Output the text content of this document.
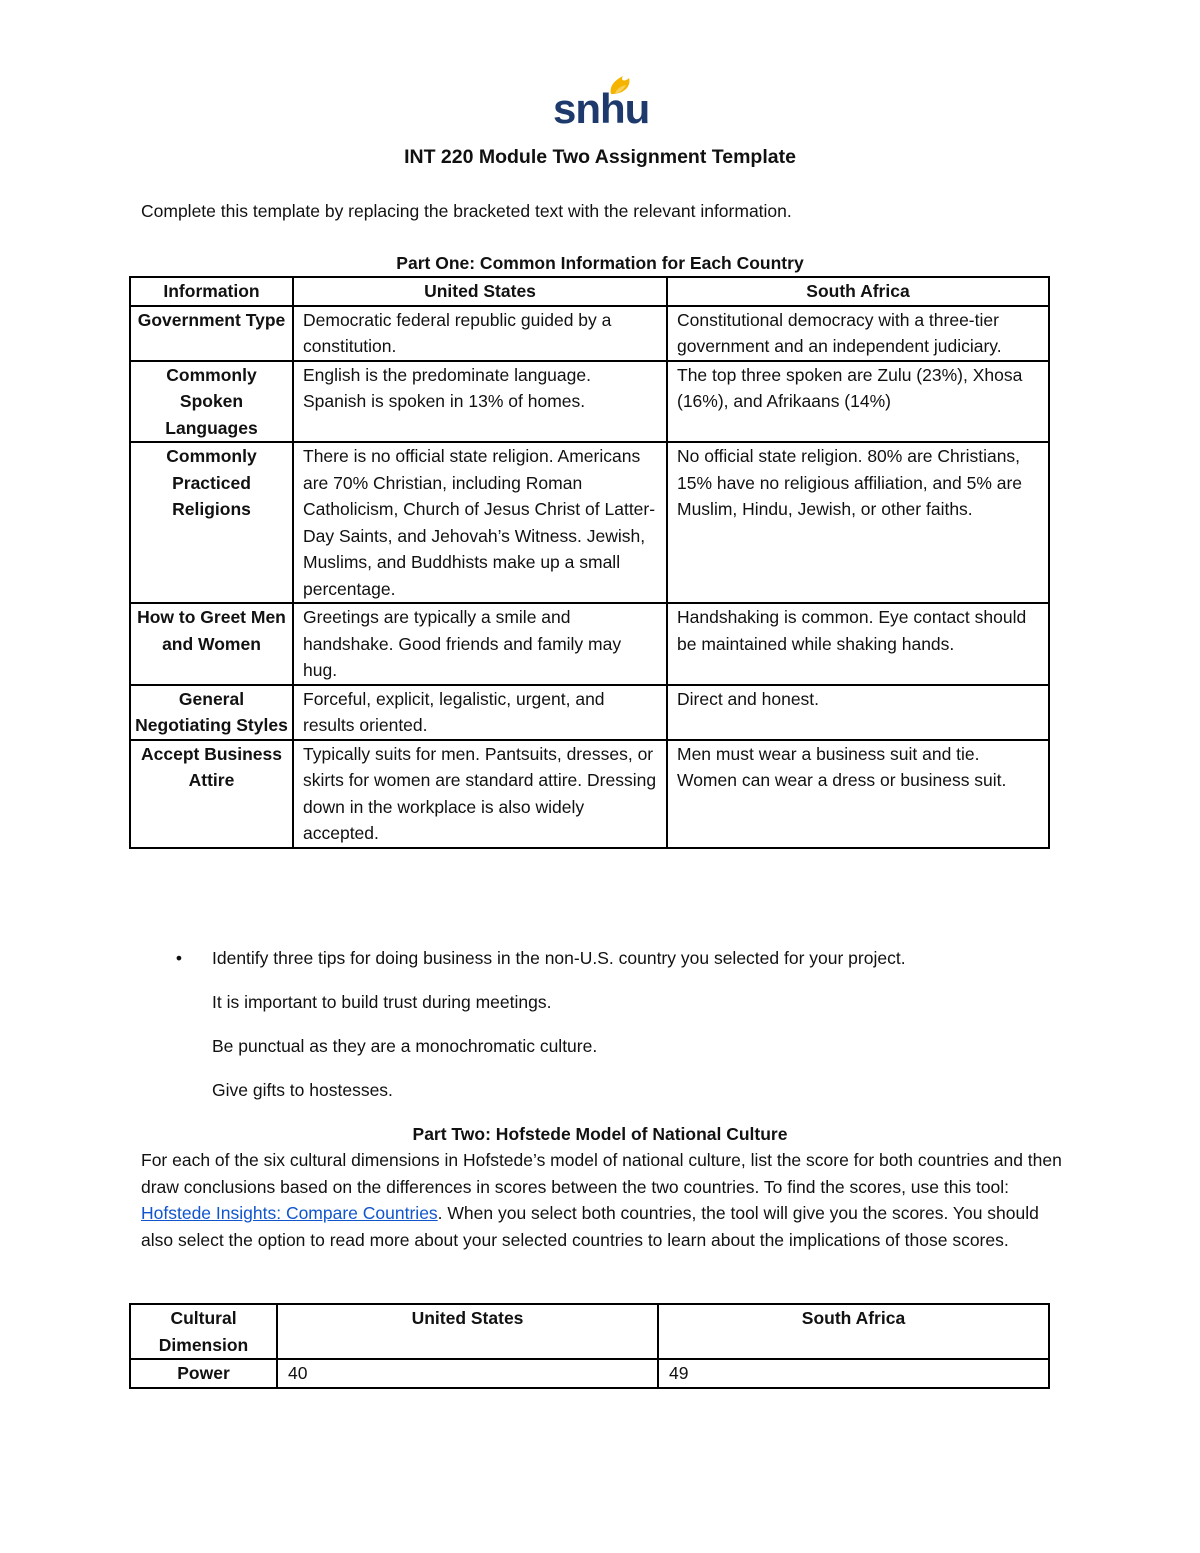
snhu
INT 220 Module Two Assignment Template
Complete this template by replacing the bracketed text with the relevant information.
Part One: Common Information for Each Country
Information	United States	South Africa
Government Type	Democratic federal republic guided by a constitution.	Constitutional democracy with a three-tier government and an independent judiciary.
Commonly Spoken Languages	English is the predominate language. Spanish is spoken in 13% of homes.	The top three spoken are Zulu (23%), Xhosa (16%), and Afrikaans (14%)
Commonly Practiced Religions	There is no official state religion. Americans are 70% Christian, including Roman Catholicism, Church of Jesus Christ of Latter-Day Saints, and Jehovah’s Witness. Jewish, Muslims, and Buddhists make up a small percentage.	No official state religion. 80% are Christians, 15% have no religious affiliation, and 5% are Muslim, Hindu, Jewish, or other faiths.
How to Greet Men and Women	Greetings are typically a smile and handshake. Good friends and family may hug.	Handshaking is common. Eye contact should be maintained while shaking hands.
General Negotiating Styles	Forceful, explicit, legalistic, urgent, and results oriented.	Direct and honest.
Accept Business Attire	Typically suits for men. Pantsuits, dresses, or skirts for women are standard attire. Dressing down in the workplace is also widely accepted.	Men must wear a business suit and tie. Women can wear a dress or business suit.
• Identify three tips for doing business in the non-U.S. country you selected for your project.
It is important to build trust during meetings.
Be punctual as they are a monochromatic culture.
Give gifts to hostesses.
Part Two: Hofstede Model of National Culture
For each of the six cultural dimensions in Hofstede’s model of national culture, list the score for both countries and then draw conclusions based on the differences in scores between the two countries. To find the scores, use this tool: Hofstede Insights: Compare Countries. When you select both countries, the tool will give you the scores. You should also select the option to read more about your selected countries to learn about the implications of those scores.
Cultural Dimension	United States	South Africa
Power	40	49
